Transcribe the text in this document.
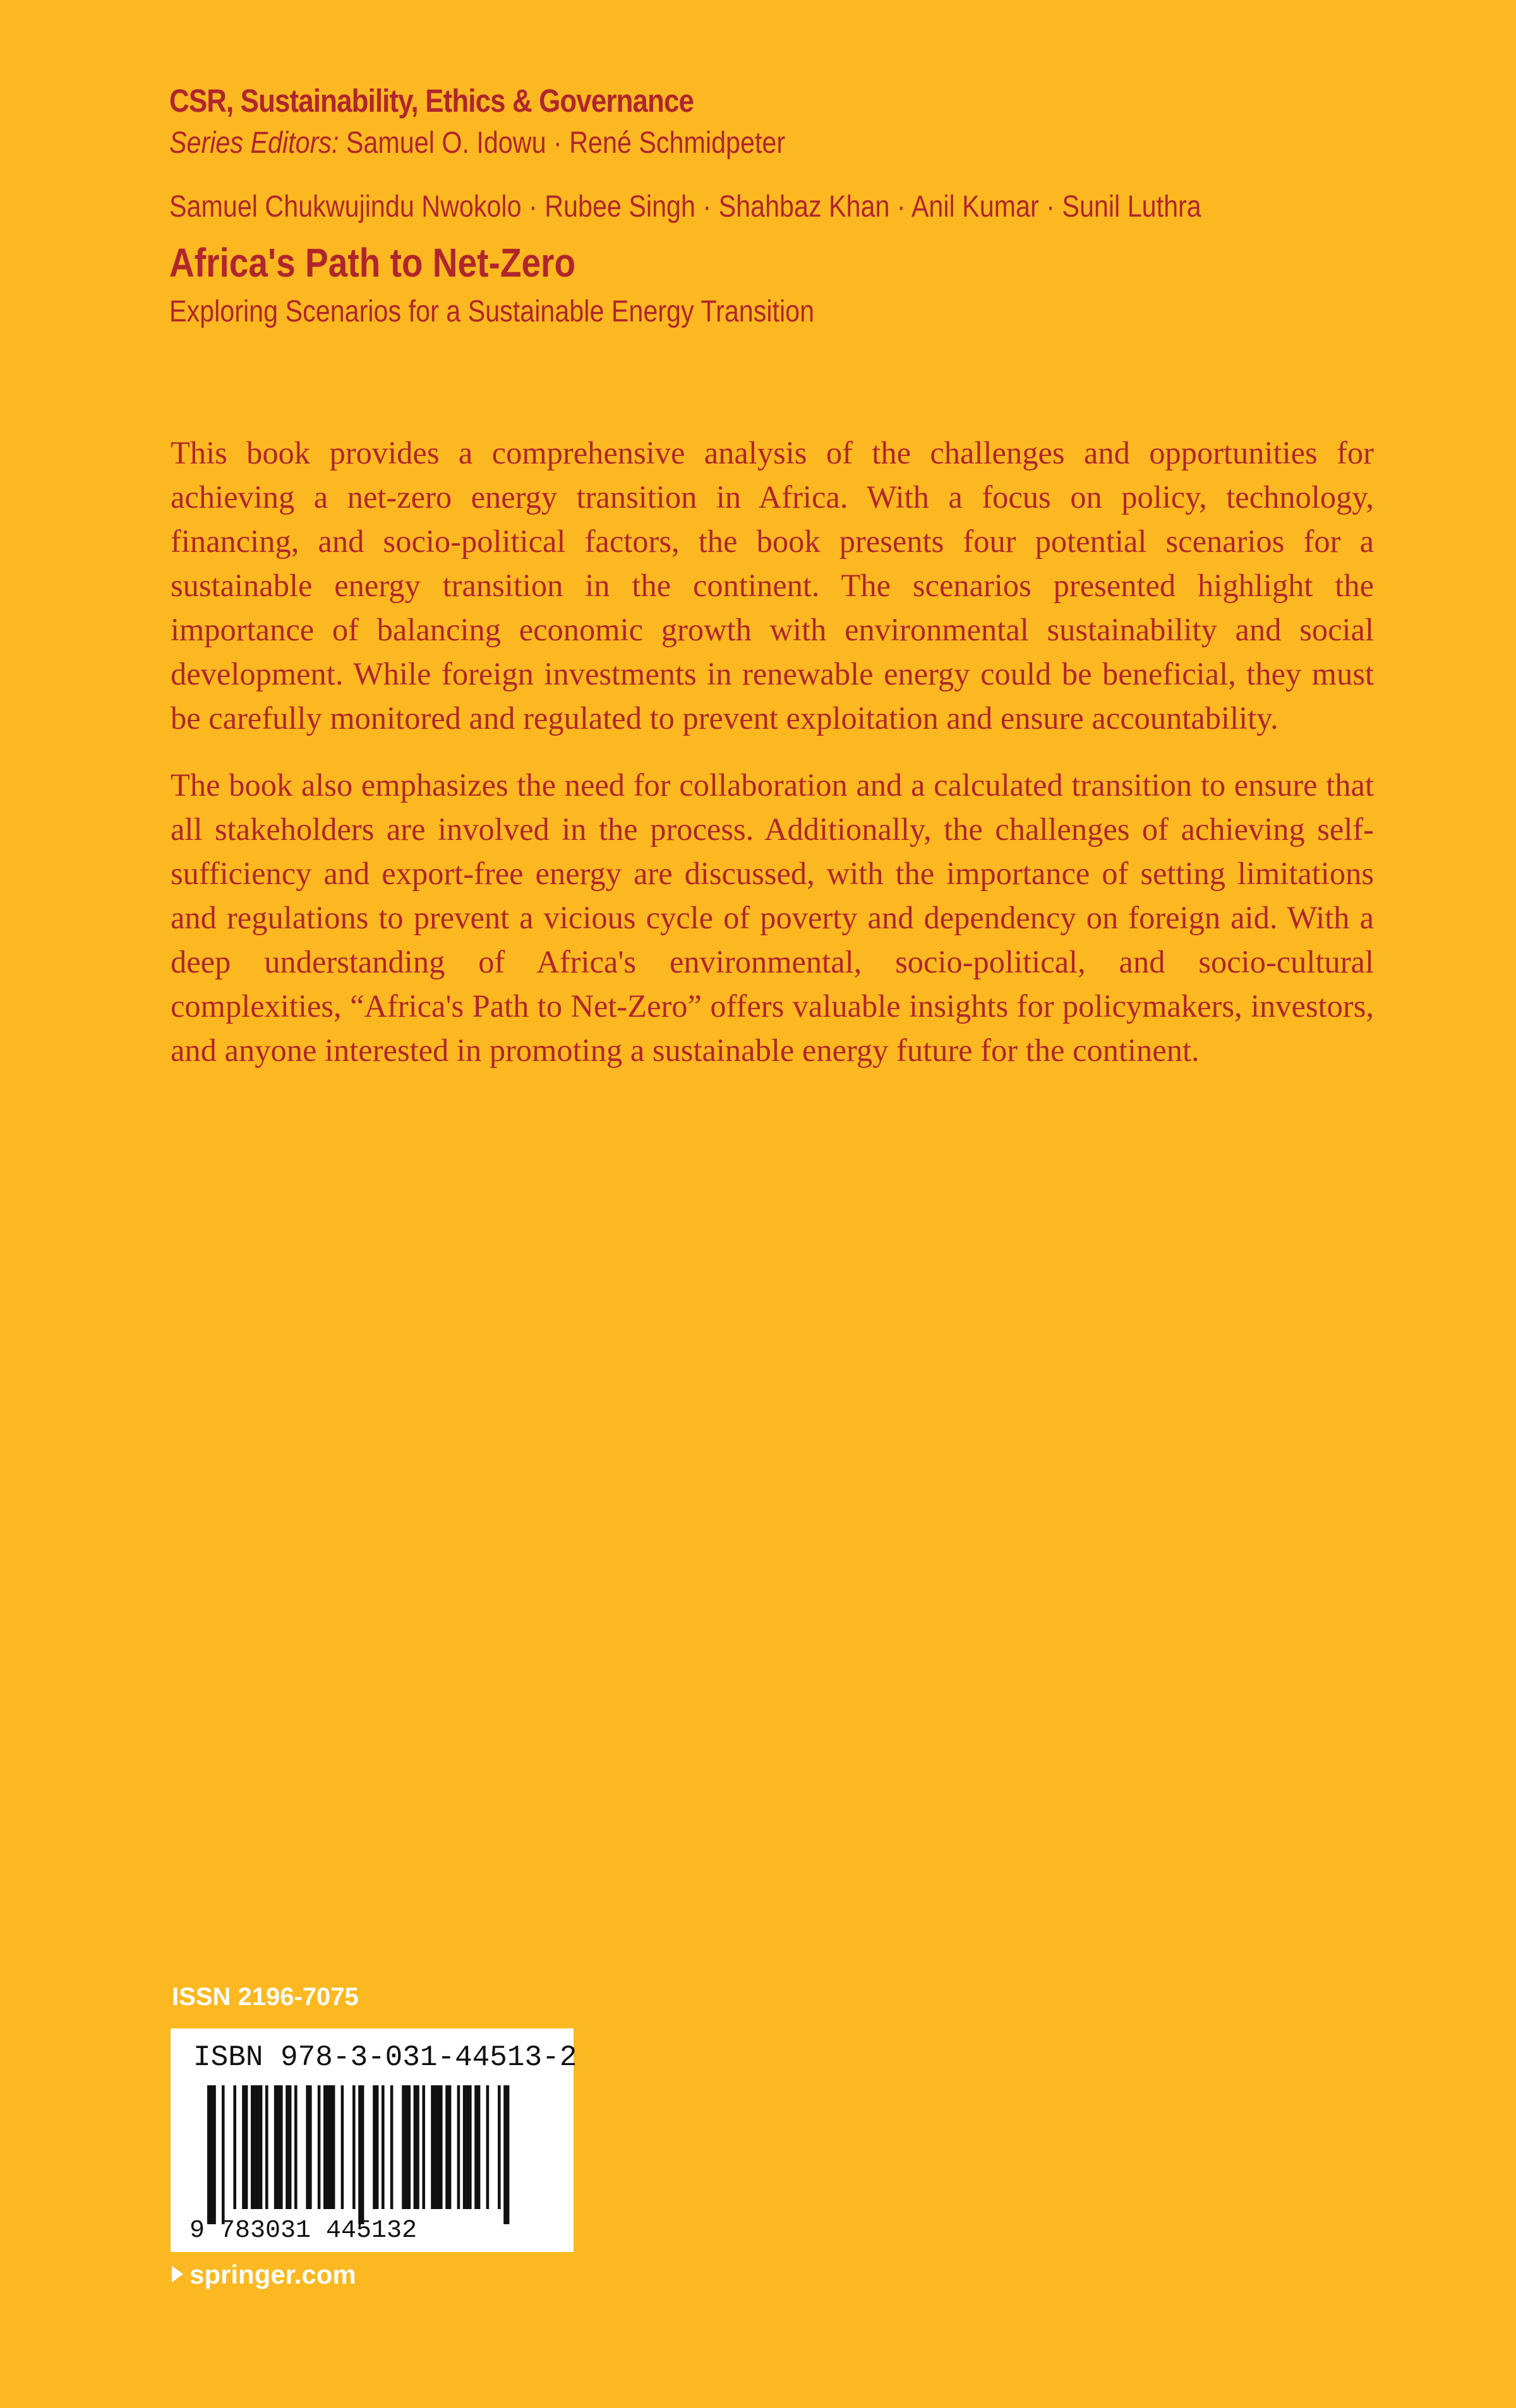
CSR, Sustainability, Ethics & Governance
Series Editors: Samuel O. Idowu · René Schmidpeter
Samuel Chukwujindu Nwokolo · Rubee Singh · Shahbaz Khan · Anil Kumar · Sunil Luthra
Africa's Path to Net-Zero
Exploring Scenarios for a Sustainable Energy Transition

This book provides a comprehensive analysis of the challenges and opportunities for achieving a net-zero energy transition in Africa. With a focus on policy, technology, financing, and socio-political factors, the book presents four potential scenarios for a sustainable energy transition in the continent. The scenarios presented highlight the importance of balancing economic growth with environmental sustainability and social development. While foreign investments in renewable energy could be beneficial, they must be carefully monitored and regulated to prevent exploitation and ensure accountability.

The book also emphasizes the need for collaboration and a calculated transition to ensure that all stakeholders are involved in the process. Additionally, the challenges of achieving self-sufficiency and export-free energy are discussed, with the importance of setting limitations and regulations to prevent a vicious cycle of poverty and dependency on foreign aid. With a deep understanding of Africa's environmental, socio-political, and socio-cultural complexities, “Africa's Path to Net-Zero” offers valuable insights for policymakers, investors, and anyone interested in promoting a sustainable energy future for the continent.

ISSN 2196-7075
9 783031 445132
ISBN 978-3-031-44513-2
springer.com
